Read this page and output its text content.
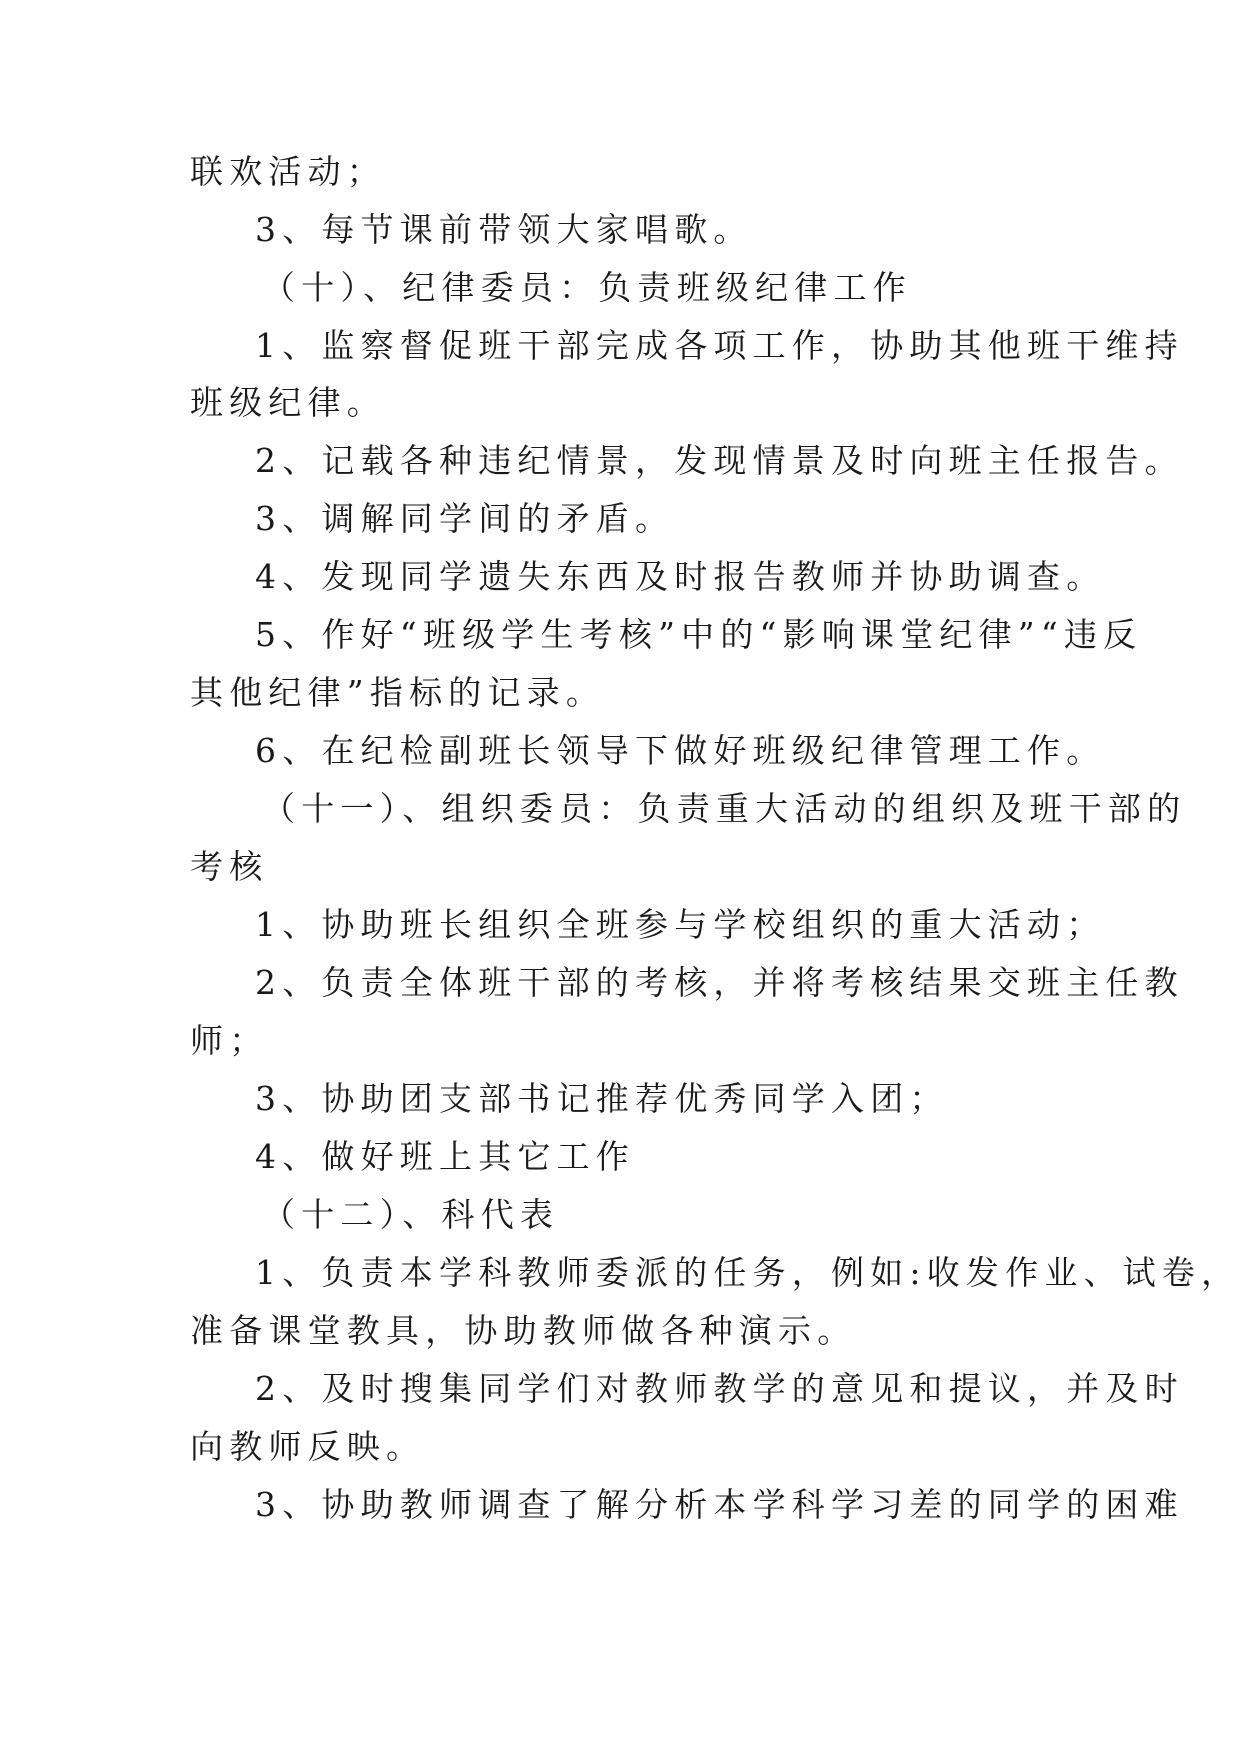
联欢活动；
3、每节课前带领大家唱歌。
（十）、纪律委员：负责班级纪律工作
1、监察督促班干部完成各项工作，协助其他班干维持
班级纪律。
2、记载各种违纪情景，发现情景及时向班主任报告。
3、调解同学间的矛盾。
4、发现同学遗失东西及时报告教师并协助调查。
5、作好“班级学生考核”中的“影响课堂纪律”“违反
其他纪律”指标的记录。
6、在纪检副班长领导下做好班级纪律管理工作。
（十一）、组织委员：负责重大活动的组织及班干部的
考核
1、协助班长组织全班参与学校组织的重大活动；
2、负责全体班干部的考核，并将考核结果交班主任教
师；
3、协助团支部书记推荐优秀同学入团；
4、做好班上其它工作
（十二）、科代表
1、负责本学科教师委派的任务，例如:收发作业、试卷，
准备课堂教具，协助教师做各种演示。
2、及时搜集同学们对教师教学的意见和提议，并及时
向教师反映。
3、协助教师调查了解分析本学科学习差的同学的困难
